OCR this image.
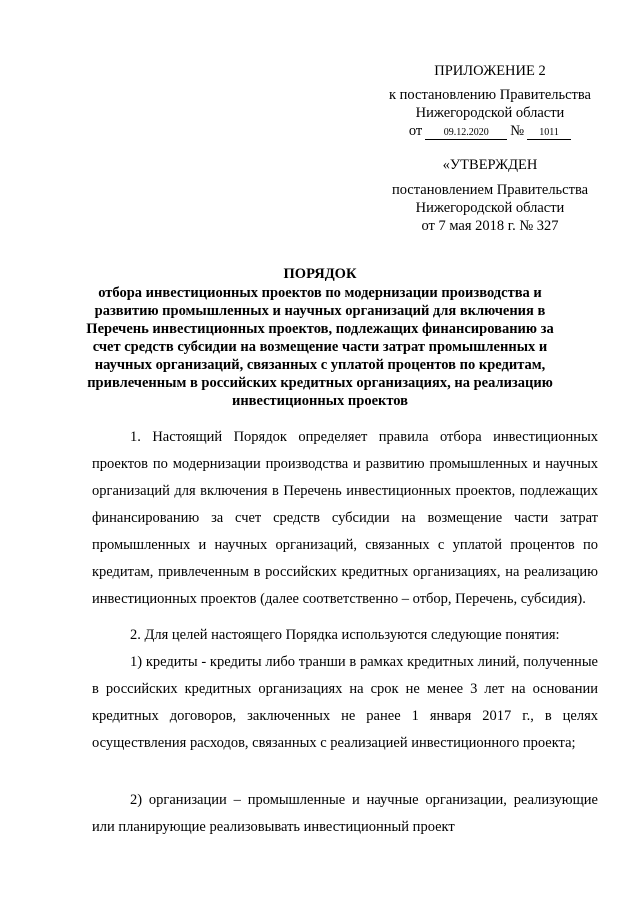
ПРИЛОЖЕНИЕ 2
к постановлению Правительства
Нижегородской области
от	09.12.2020	№	1011
«УТВЕРЖДЕН
постановлением Правительства
Нижегородской области
от 7 мая 2018 г. № 327
ПОРЯДОК
отбора инвестиционных проектов по модернизации производства и развитию промышленных и научных организаций для включения в Перечень инвестиционных проектов, подлежащих финансированию за счет средств субсидии на возмещение части затрат промышленных и научных организаций, связанных с уплатой процентов по кредитам, привлеченным в российских кредитных организациях, на реализацию инвестиционных проектов
1. Настоящий Порядок определяет правила отбора инвестиционных проектов по модернизации производства и развитию промышленных и научных организаций для включения в Перечень инвестиционных проектов, подлежащих финансированию за счет средств субсидии на возмещение части затрат промышленных и научных организаций, связанных с уплатой процентов по кредитам, привлеченным в российских кредитных организациях, на реализацию инвестиционных проектов (далее соответственно – отбор, Перечень, субсидия).
2. Для целей настоящего Порядка используются следующие понятия:
1) кредиты - кредиты либо транши в рамках кредитных линий, полученные в российских кредитных организациях на срок не менее 3 лет на основании кредитных договоров, заключенных не ранее 1 января 2017 г., в целях осуществления расходов, связанных с реализацией инвестиционного проекта;
2) организации – промышленные и научные организации, реализующие или планирующие реализовывать инвестиционный проект
